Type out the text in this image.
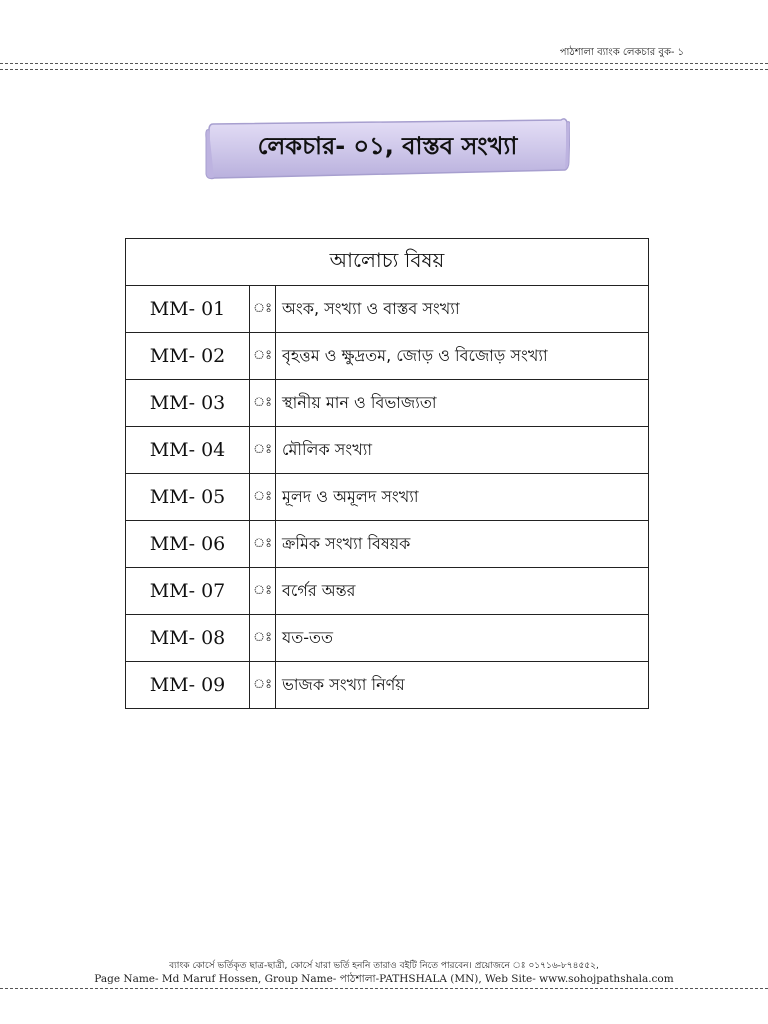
পাঠশালা ব্যাংক লেকচার বুক- ১
লেকচার- ০১, বাস্তব সংখ্যা
আলোচ্য বিষয়		
MM- 01	ঃ	অংক, সংখ্যা ও বাস্তব সংখ্যা
MM- 02	ঃ	বৃহত্তম ও ক্ষুদ্রতম, জোড় ও বিজোড় সংখ্যা
MM- 03	ঃ	স্থানীয় মান ও বিভাজ্যতা
MM- 04	ঃ	মৌলিক সংখ্যা
MM- 05	ঃ	মূলদ ও অমূলদ সংখ্যা
MM- 06	ঃ	ক্রমিক সংখ্যা বিষয়ক
MM- 07	ঃ	বর্গের অন্তর
MM- 08	ঃ	যত-তত
MM- 09	ঃ	ভাজক সংখ্যা নির্ণয়
ব্যাংক কোর্সে ভর্তিকৃত ছাত্র-ছাত্রী, কোর্সে যারা ভর্তি হননি তারাও বইটি নিতে পারবেন। প্রয়োজনে ঃ ০১৭১৬-৮৭৪৫৫২,
Page Name- Md Maruf Hossen, Group Name- পাঠশালা-PATHSHALA (MN), Web Site- www.sohojpathshala.com
